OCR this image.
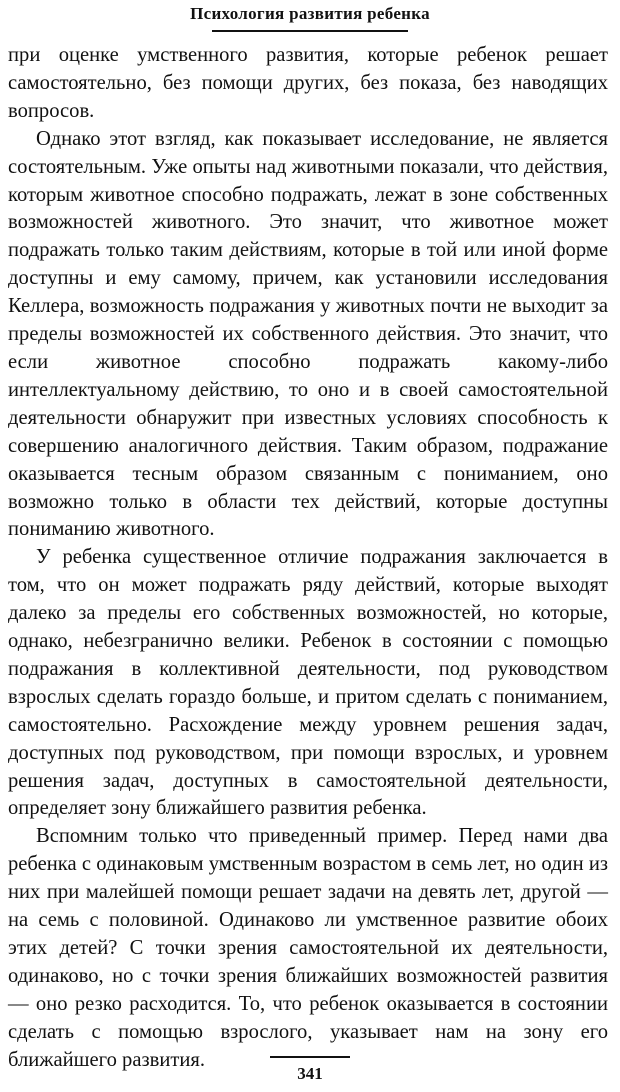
Психология развития ребенка

при оценке умственного развития, которые ребенок решает самостоятельно, без помощи других, без показа, без наводящих вопросов.

Однако этот взгляд, как показывает исследование, не является состоятельным. Уже опыты над животными показали, что действия, которым животное способно подражать, лежат в зоне собственных возможностей животного. Это значит, что животное может подражать только таким действиям, которые в той или иной форме доступны и ему самому, причем, как установили исследования Келлера, возможность подражания у животных почти не выходит за пределы возможностей их собственного действия. Это значит, что если животное способно подражать какому-либо интеллектуальному действию, то оно и в своей самостоятельной деятельности обнаружит при известных условиях способность к совершению аналогичного действия. Таким образом, подражание оказывается тесным образом связанным с пониманием, оно возможно только в области тех действий, которые доступны пониманию животного.

У ребенка существенное отличие подражания заключается в том, что он может подражать ряду действий, которые выходят далеко за пределы его собственных возможностей, но которые, однако, небезгранично велики. Ребенок в состоянии с помощью подражания в коллективной деятельности, под руководством взрослых сделать гораздо больше, и притом сделать с пониманием, самостоятельно. Расхождение между уровнем решения задач, доступных под руководством, при помощи взрослых, и уровнем решения задач, доступных в самостоятельной деятельности, определяет зону ближайшего развития ребенка.

Вспомним только что приведенный пример. Перед нами два ребенка с одинаковым умственным возрастом в семь лет, но один из них при малейшей помощи решает задачи на девять лет, другой — на семь с половиной. Одинаково ли умственное развитие обоих этих детей? С точки зрения самостоятельной их деятельности, одинаково, но с точки зрения ближайших возможностей развития — оно резко расходится. То, что ребенок оказывается в состоянии сделать с помощью взрослого, указывает нам на зону его ближайшего развития.

341
